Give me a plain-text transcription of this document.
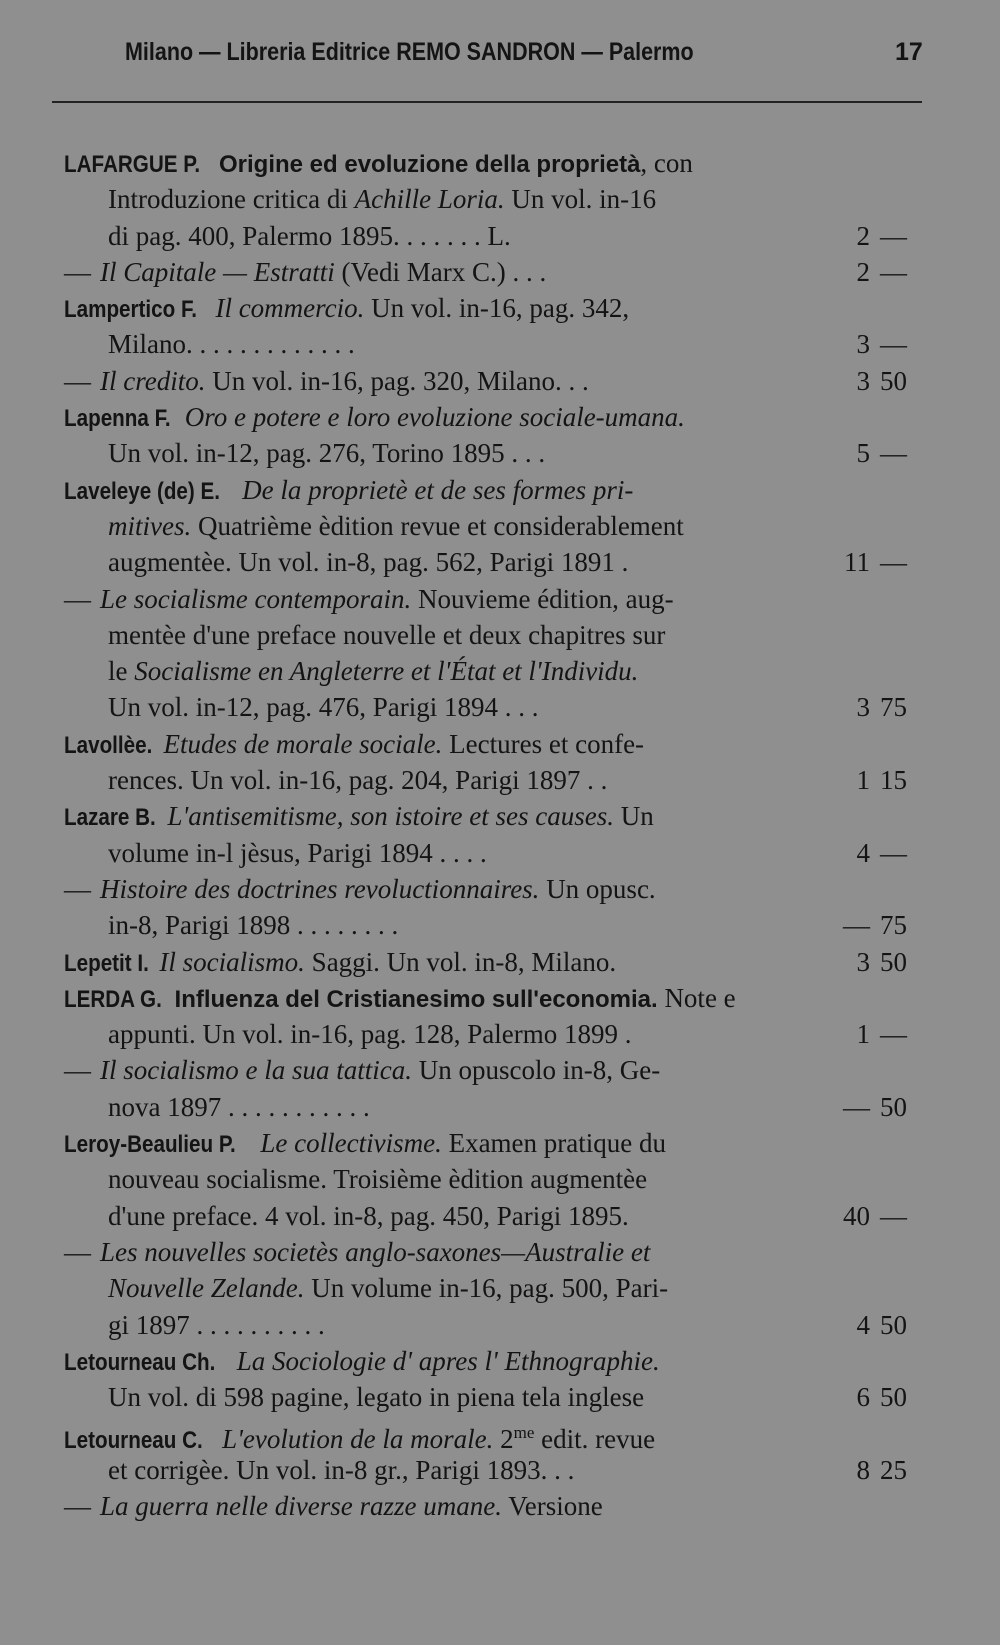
Milano — Libreria Editrice REMO SANDRON — Palermo	17
LAFARGUE P. Origine ed evoluzione della proprietà, con
Introduzione critica di Achille Loria. Un vol. in-16
di pag. 400, Palermo 1895. . . . . . . L.	2 —
— Il Capitale — Estratti (Vedi Marx C.) . . .	2 —
Lampertico F. Il commercio. Un vol. in-16, pag. 342,
Milano. . . . . . . . . . . . .	3 —
— Il credito. Un vol. in-16, pag. 320, Milano. . .	3 50
Lapenna F. Oro e potere e loro evoluzione sociale-umana.
Un vol. in-12, pag. 276, Torino 1895 . . .	5 —
Laveleye (de) E. De la proprietè et de ses formes pri-
mitives. Quatrième èdition revue et considerablement
augmentèe. Un vol. in-8, pag. 562, Parigi 1891 .	11 —
— Le socialisme contemporain. Nouvieme édition, aug-
mentèe d'une preface nouvelle et deux chapitres sur
le Socialisme en Angleterre et l'État et l'Individu.
Un vol. in-12, pag. 476, Parigi 1894 . . .	3 75
Lavollèe. Etudes de morale sociale. Lectures et confe-
rences. Un vol. in-16, pag. 204, Parigi 1897 . .	1 15
Lazare B. L'antisemitisme, son istoire et ses causes. Un
volume in-l jèsus, Parigi 1894 . . . .	4 —
— Histoire des doctrines revoluctionnaires. Un opusc.
in-8, Parigi 1898 . . . . . . . .	— 75
Lepetit I. Il socialismo. Saggi. Un vol. in-8, Milano.	3 50
LERDA G. Influenza del Cristianesimo sull'economia. Note e
appunti. Un vol. in-16, pag. 128, Palermo 1899 .	1 —
— Il socialismo e la sua tattica. Un opuscolo in-8, Ge-
nova 1897 . . . . . . . . . . .	— 50
Leroy-Beaulieu P. Le collectivisme. Examen pratique du
nouveau socialisme. Troisième èdition augmentèe
d'une preface. 4 vol. in-8, pag. 450, Parigi 1895.	40 —
— Les nouvelles societès anglo-saxones—Australie et
Nouvelle Zelande. Un volume in-16, pag. 500, Pari-
gi 1897 . . . . . . . . . .	4 50
Letourneau Ch. La Sociologie d' apres l' Ethnographie.
Un vol. di 598 pagine, legato in piena tela inglese	6 50
Letourneau C. L'evolution de la morale. $2^{me}$ edit. revue
et corrigèe. Un vol. in-8 gr., Parigi 1893. . .	8 25
— La guerra nelle diverse razze umane. Versione
